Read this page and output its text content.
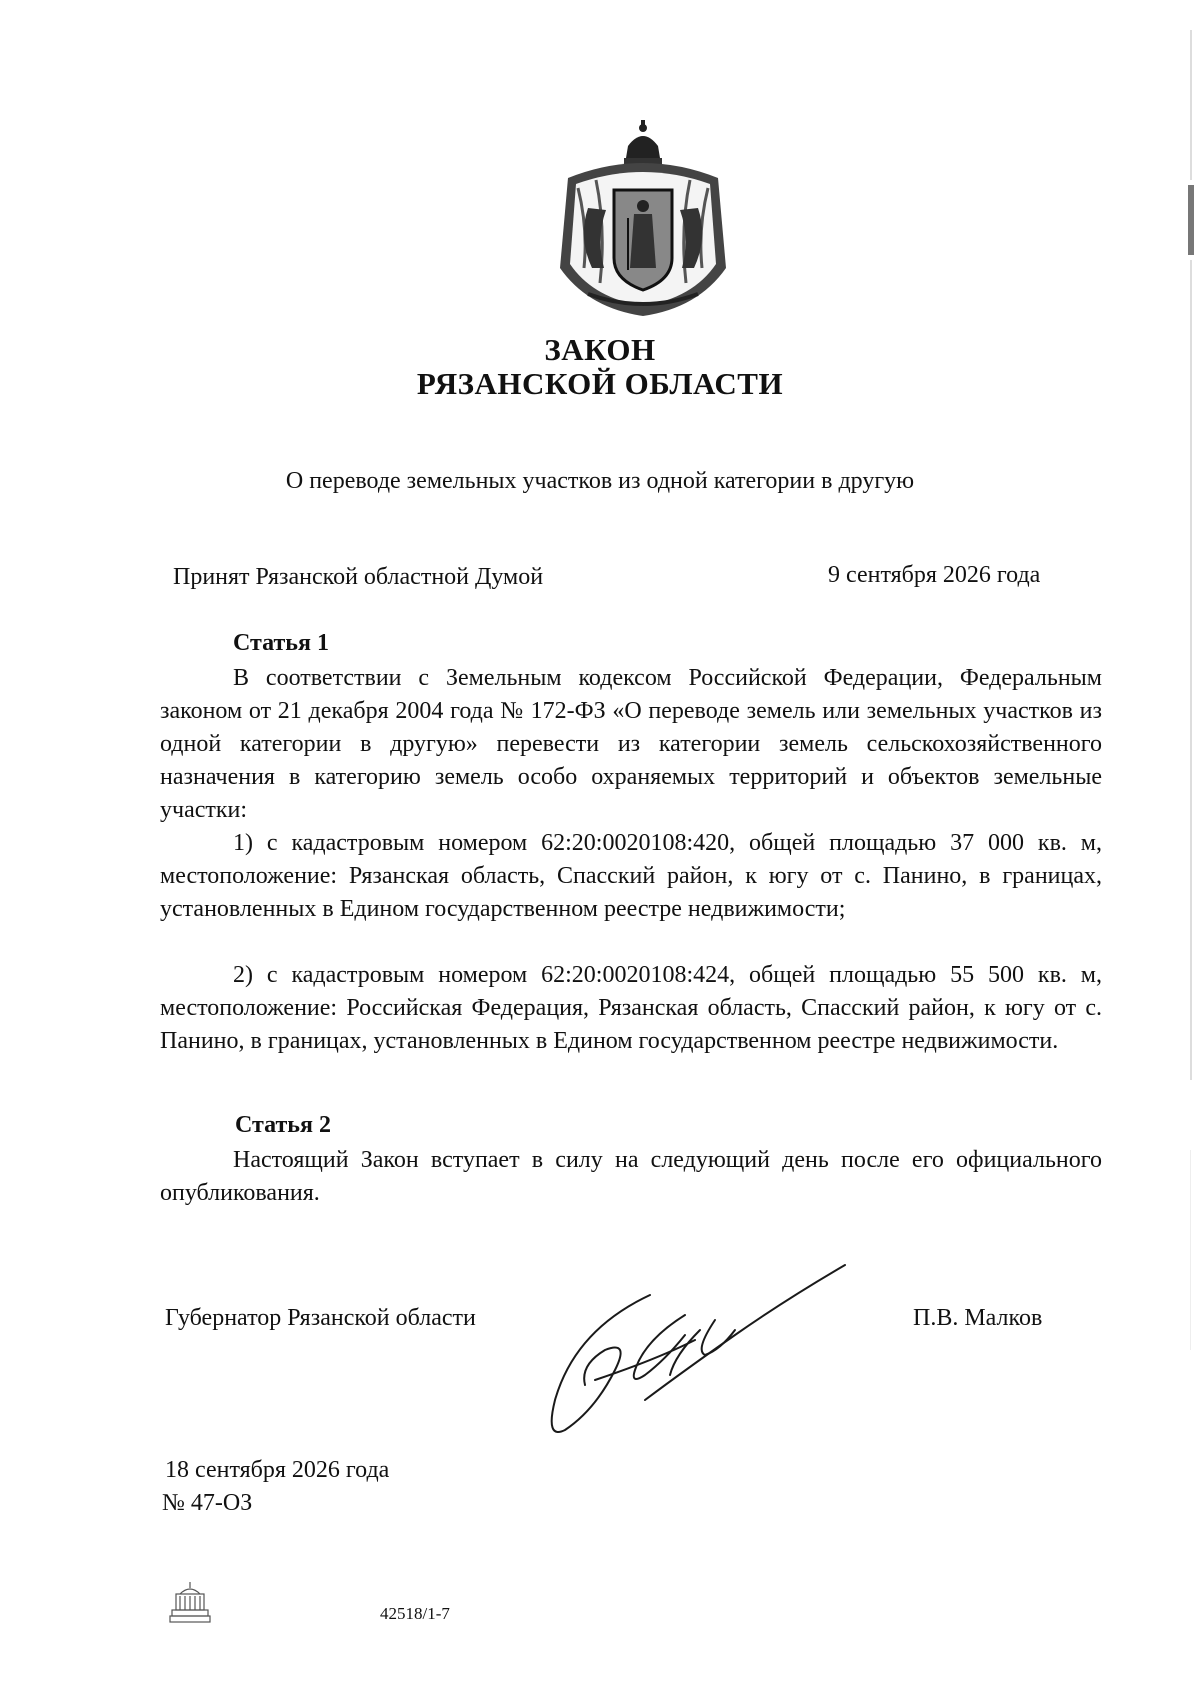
ЗАКОН
РЯЗАНСКОЙ ОБЛАСТИ
О переводе земельных участков из одной категории в другую
Принят Рязанской областной Думой	9 сентября 2026 года
Статья 1
В соответствии с Земельным кодексом Российской Федерации, Федеральным законом от 21 декабря 2004 года № 172-ФЗ «О переводе земель или земельных участков из одной категории в другую» перевести из категории земель сельскохозяйственного назначения в категорию земель особо охраняемых территорий и объектов земельные участки:
1) с кадастровым номером 62:20:0020108:420, общей площадью 37 000 кв. м, местоположение: Рязанская область, Спасский район, к югу от с. Панино, в границах, установленных в Едином государственном реестре недвижимости;
2) с кадастровым номером 62:20:0020108:424, общей площадью 55 500 кв. м, местоположение: Российская Федерация, Рязанская область, Спасский район, к югу от с. Панино, в границах, установленных в Едином государственном реестре недвижимости.
Статья 2
Настоящий Закон вступает в силу на следующий день после его официального опубликования.
Губернатор Рязанской области	П.В. Малков
18 сентября 2026 года
№ 47-ОЗ
42518/1-7
